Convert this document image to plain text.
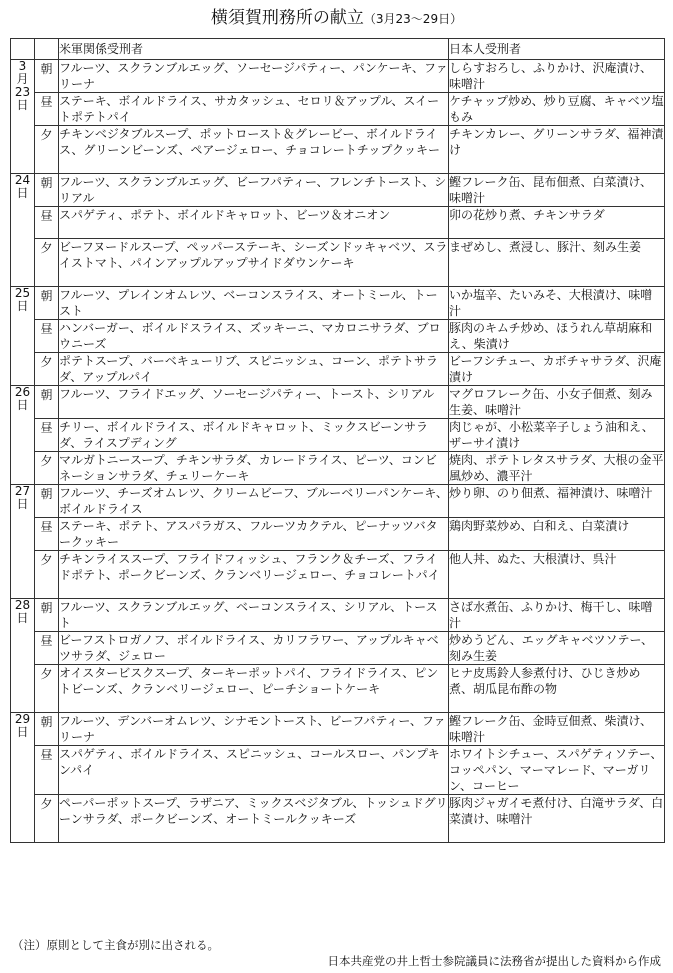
横須賀刑務所の献立（3月23〜29日）
		米軍関係受刑者	日本人受刑者

3
月
23
日	朝	フルーツ、スクランブルエッグ、ソーセージパティー、パンケーキ、ファリーナ	しらすおろし、ふりかけ、沢庵漬け、味噌汁
	昼	ステーキ、ボイルドライス、サカタッシュ、セロリ＆アップル、スイートポテトパイ	ケチャップ炒め、炒り豆腐、キャベツ塩もみ
	夕	チキンベジタブルスープ、ポットロースト＆グレービー、ボイルドライス、グリーンビーンズ、ペアージェロー、チョコレートチップクッキー	チキンカレー、グリーンサラダ、福神漬け

24
日	朝	フルーツ、スクランブルエッグ、ビーフパティー、フレンチトースト、シリアル	鰹フレーク缶、昆布佃煮、白菜漬け、味噌汁
	昼	スパゲティ、ポテト、ボイルドキャロット、ビーツ＆オニオン	卯の花炒り煮、チキンサラダ
	夕	ビーフヌードルスープ、ペッパーステーキ、シーズンドッキャベツ、スライストマト、パインアップルアップサイドダウンケーキ	まぜめし、煮浸し、豚汁、刻み生姜

25
日	朝	フルーツ、プレインオムレツ、ベーコンスライス、オートミール、トースト	いか塩辛、たいみそ、大根漬け、味噌汁
	昼	ハンバーガー、ボイルドスライス、ズッキーニ、マカロニサラダ、ブロウニーズ	豚肉のキムチ炒め、ほうれん草胡麻和え、柴漬け
	夕	ポテトスープ、バーベキューリブ、スピニッシュ、コーン、ポテトサラダ、アップルパイ	ビーフシチュー、カボチャサラダ、沢庵漬け

26
日	朝	フルーツ、フライドエッグ、ソーセージパティー、トースト、シリアル	マグロフレーク缶、小女子佃煮、刻み生姜、味噌汁
	昼	チリー、ボイルドライス、ボイルドキャロット、ミックスビーンサラダ、ライスプディング	肉じゃが、小松菜辛子しょう油和え、ザーサイ漬け
	夕	マルガトニースープ、チキンサラダ、カレードライス、ピーツ、コンビネーションサラダ、チェリーケーキ	焼肉、ポテトレタスサラダ、大根の金平風炒め、濃平汁

27
日	朝	フルーツ、チーズオムレツ、クリームビーフ、ブルーベリーパンケーキ、ボイルドライス	炒り卵、のり佃煮、福神漬け、味噌汁
	昼	ステーキ、ポテト、アスパラガス、フルーツカクテル、ピーナッツバタークッキー	鶏肉野菜炒め、白和え、白菜漬け
	夕	チキンライススープ、フライドフィッシュ、フランク＆チーズ、フライドポテト、ポークビーンズ、クランベリージェロー、チョコレートパイ	他人丼、ぬた、大根漬け、呉汁

28
日	朝	フルーツ、スクランブルエッグ、ベーコンスライス、シリアル、トースト	さば水煮缶、ふりかけ、梅干し、味噌汁
	昼	ビーフストロガノフ、ボイルドライス、カリフラワー、アップルキャベツサラダ、ジェロー	炒めうどん、エッグキャベツソテー、刻み生姜
	夕	オイスタービスクスープ、ターキーポットパイ、フライドライス、ピントビーンズ、クランベリージェロー、ピーチショートケーキ	ヒナ皮馬鈴人参煮付け、ひじき炒め煮、胡瓜昆布酢の物

29
日	朝	フルーツ、デンバーオムレツ、シナモントースト、ビーフパティー、ファリーナ	鰹フレーク缶、金時豆佃煮、柴漬け、味噌汁
	昼	スパゲティ、ボイルドライス、スピニッシュ、コールスロー、パンプキンパイ	ホワイトシチュー、スパゲティソテー、コッペパン、マーマレード、マーガリン、コーヒー
	夕	ペーパーポットスープ、ラザニア、ミックスベジタブル、トッシュドグリーンサラダ、ポークビーンズ、オートミールクッキーズ	豚肉ジャガイモ煮付け、白滝サラダ、白菜漬け、味噌汁
（注）原則として主食が別に出される。
日本共産党の井上哲士参院議員に法務省が提出した資料から作成
